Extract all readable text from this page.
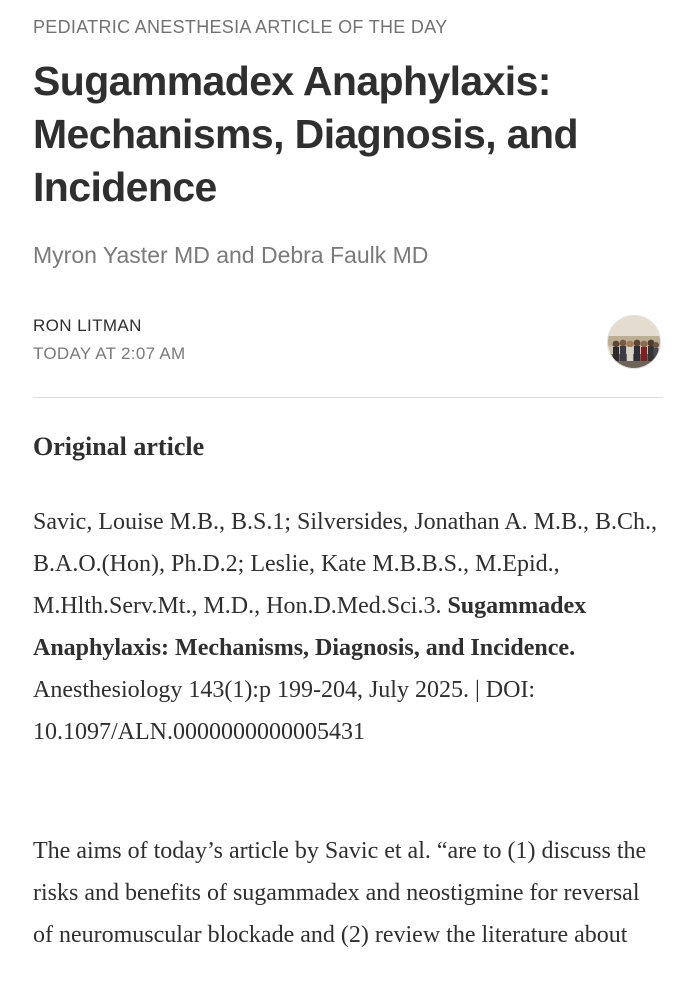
PEDIATRIC ANESTHESIA ARTICLE OF THE DAY
Sugammadex Anaphylaxis: Mechanisms, Diagnosis, and Incidence
Myron Yaster MD and Debra Faulk MD
RON LITMAN
TODAY AT 2:07 AM
Original article

Savic, Louise M.B., B.S.1; Silversides, Jonathan A. M.B., B.Ch., B.A.O.(Hon), Ph.D.2; Leslie, Kate M.B.B.S., M.Epid., M.Hlth.Serv.Mt., M.D., Hon.D.Med.Sci.3. Sugammadex Anaphylaxis: Mechanisms, Diagnosis, and Incidence. Anesthesiology 143(1):p 199-204, July 2025. | DOI: 10.1097/ALN.0000000000005431

The aims of today’s article by Savic et al. “are to (1) discuss the risks and benefits of sugammadex and neostigmine for reversal of neuromuscular blockade and (2) review the literature about
